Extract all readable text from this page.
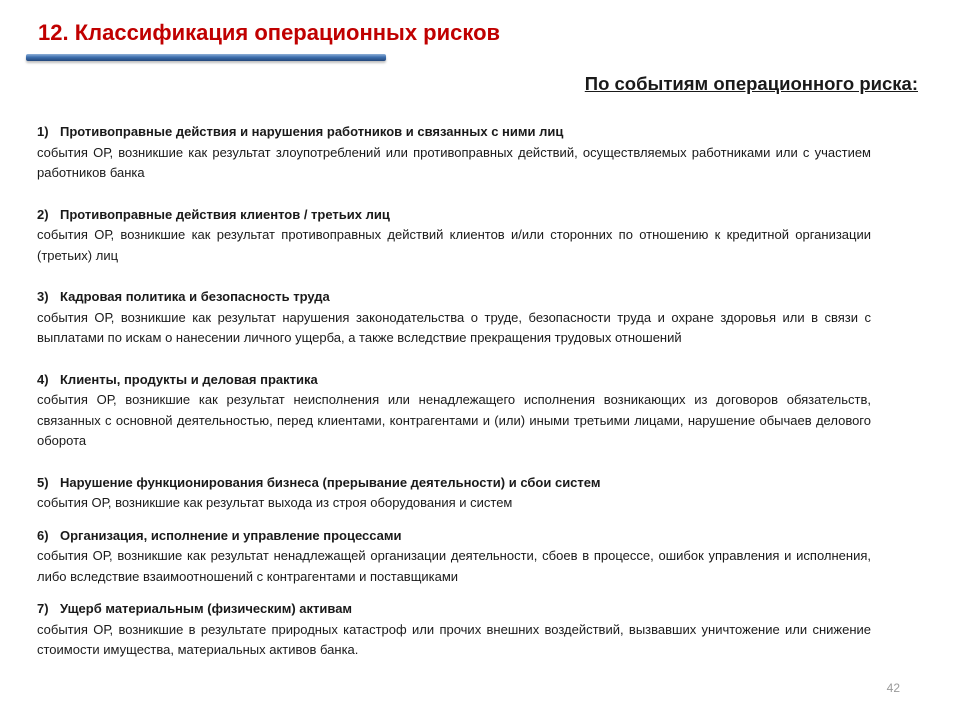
12. Классификация операционных рисков
По событиям операционного риска:
1) Противоправные действия и нарушения работников и связанных с ними лиц
события ОР, возникшие как результат злоупотреблений или противоправных действий, осуществляемых работниками или с участием работников банка
2) Противоправные действия клиентов / третьих лиц
события ОР, возникшие как результат противоправных действий клиентов и/или сторонних по отношению к кредитной организации (третьих) лиц
3) Кадровая политика и безопасность труда
события ОР, возникшие как результат нарушения законодательства о труде, безопасности труда и охране здоровья или в связи с выплатами по искам о нанесении личного ущерба, а также вследствие прекращения трудовых отношений
4) Клиенты, продукты и деловая практика
события ОР, возникшие как результат неисполнения или ненадлежащего исполнения возникающих из договоров обязательств, связанных с основной деятельностью, перед клиентами, контрагентами и (или) иными третьими лицами, нарушение обычаев делового оборота
5) Нарушение функционирования бизнеса (прерывание деятельности) и сбои систем
события ОР, возникшие как результат выхода из строя оборудования и систем
6) Организация, исполнение и управление процессами
события ОР, возникшие как результат ненадлежащей организации деятельности, сбоев в процессе, ошибок управления и исполнения, либо вследствие взаимоотношений с контрагентами и поставщиками
7) Ущерб материальным (физическим) активам
события ОР, возникшие в результате природных катастроф или прочих внешних воздействий, вызвавших уничтожение или снижение стоимости имущества, материальных активов банка.
42
